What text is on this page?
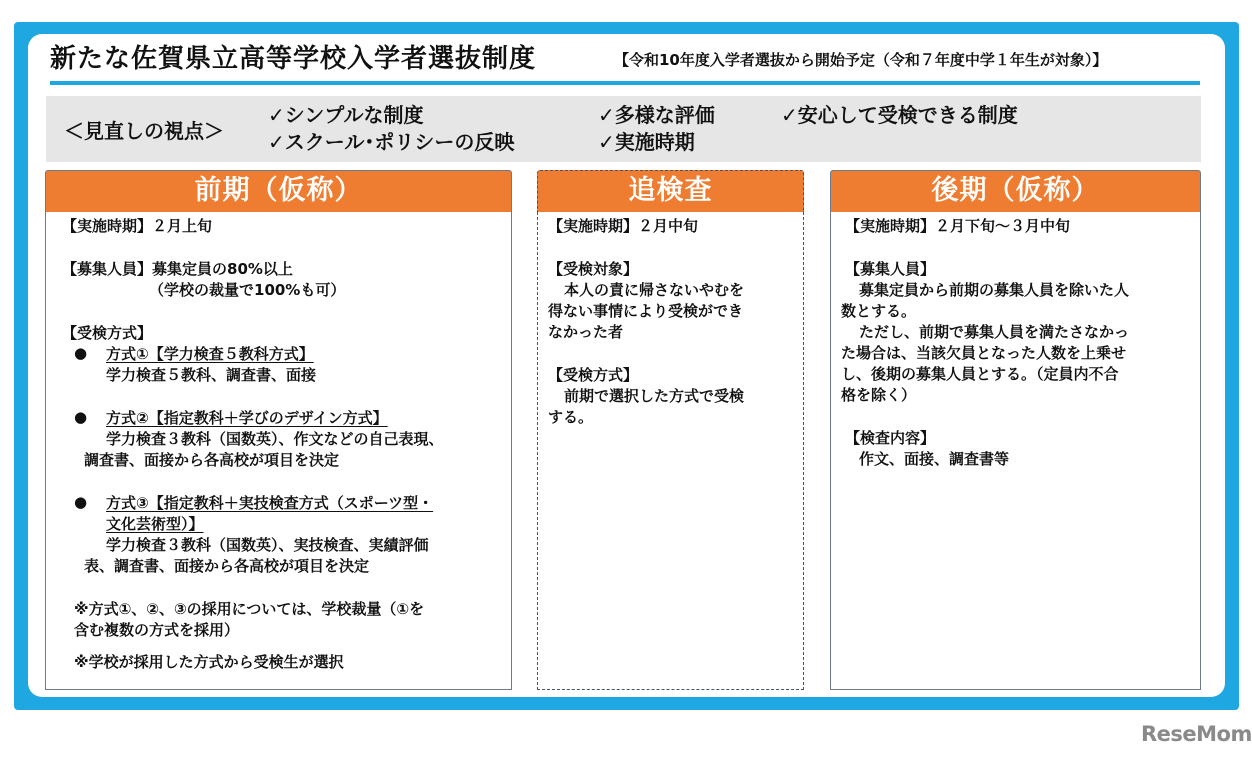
新たな佐賀県立高等学校入学者選抜制度	【令和10年度入学者選抜から開始予定（令和７年度中学１年生が対象）】
＜見直しの視点＞
✓シンプルな制度	✓多様な評価	✓安心して受検できる制度
✓スクール･ポリシーの反映	✓実施時期
前期（仮称）
【実施時期】２月上旬
【募集人員】募集定員の80%以上
（学校の裁量で100%も可）
【受検方式】
● 方式①【学力検査５教科方式】
学力検査５教科、調査書、面接
● 方式②【指定教科＋学びのデザイン方式】
学力検査３教科（国数英）、作文などの自己表現、
調査書、面接から各高校が項目を決定
● 方式③【指定教科＋実技検査方式（スポーツ型・
文化芸術型）】
学力検査３教科（国数英）、実技検査、実績評価
表、調査書、面接から各高校が項目を決定
※方式①、②、③の採用については、学校裁量（①を
含む複数の方式を採用）
※学校が採用した方式から受検生が選択
追検査
【実施時期】２月中旬
【受検対象】
本人の責に帰さないやむを
得ない事情により受検ができ
なかった者
【受検方式】
前期で選択した方式で受検
する。
後期（仮称）
【実施時期】２月下旬～３月中旬
【募集人員】
募集定員から前期の募集人員を除いた人
数とする。
ただし、前期で募集人員を満たさなかっ
た場合は、当該欠員となった人数を上乗せ
し、後期の募集人員とする。（定員内不合
格を除く）
【検査内容】
作文、面接、調査書等
ReseMom
